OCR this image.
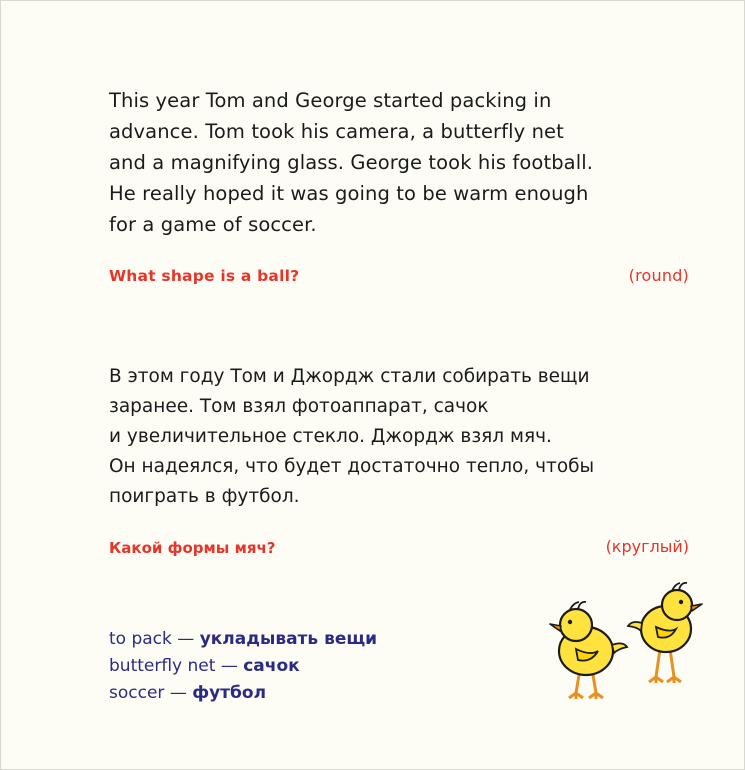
This year Tom and George started packing in
advance. Tom took his camera, a butterfly net
and a magnifying glass. George took his football.
He really hoped it was going to be warm enough
for a game of soccer.
What shape is a ball?	(round)
В этом году Том и Джордж стали собирать вещи
заранее. Том взял фотоаппарат, сачок
и увеличительное стекло. Джордж взял мяч.
Он надеялся, что будет достаточно тепло, чтобы
поиграть в футбол.
Какой формы мяч?	(круглый)
to pack — укладывать вещи
butterfly net — сачок
soccer — футбол
